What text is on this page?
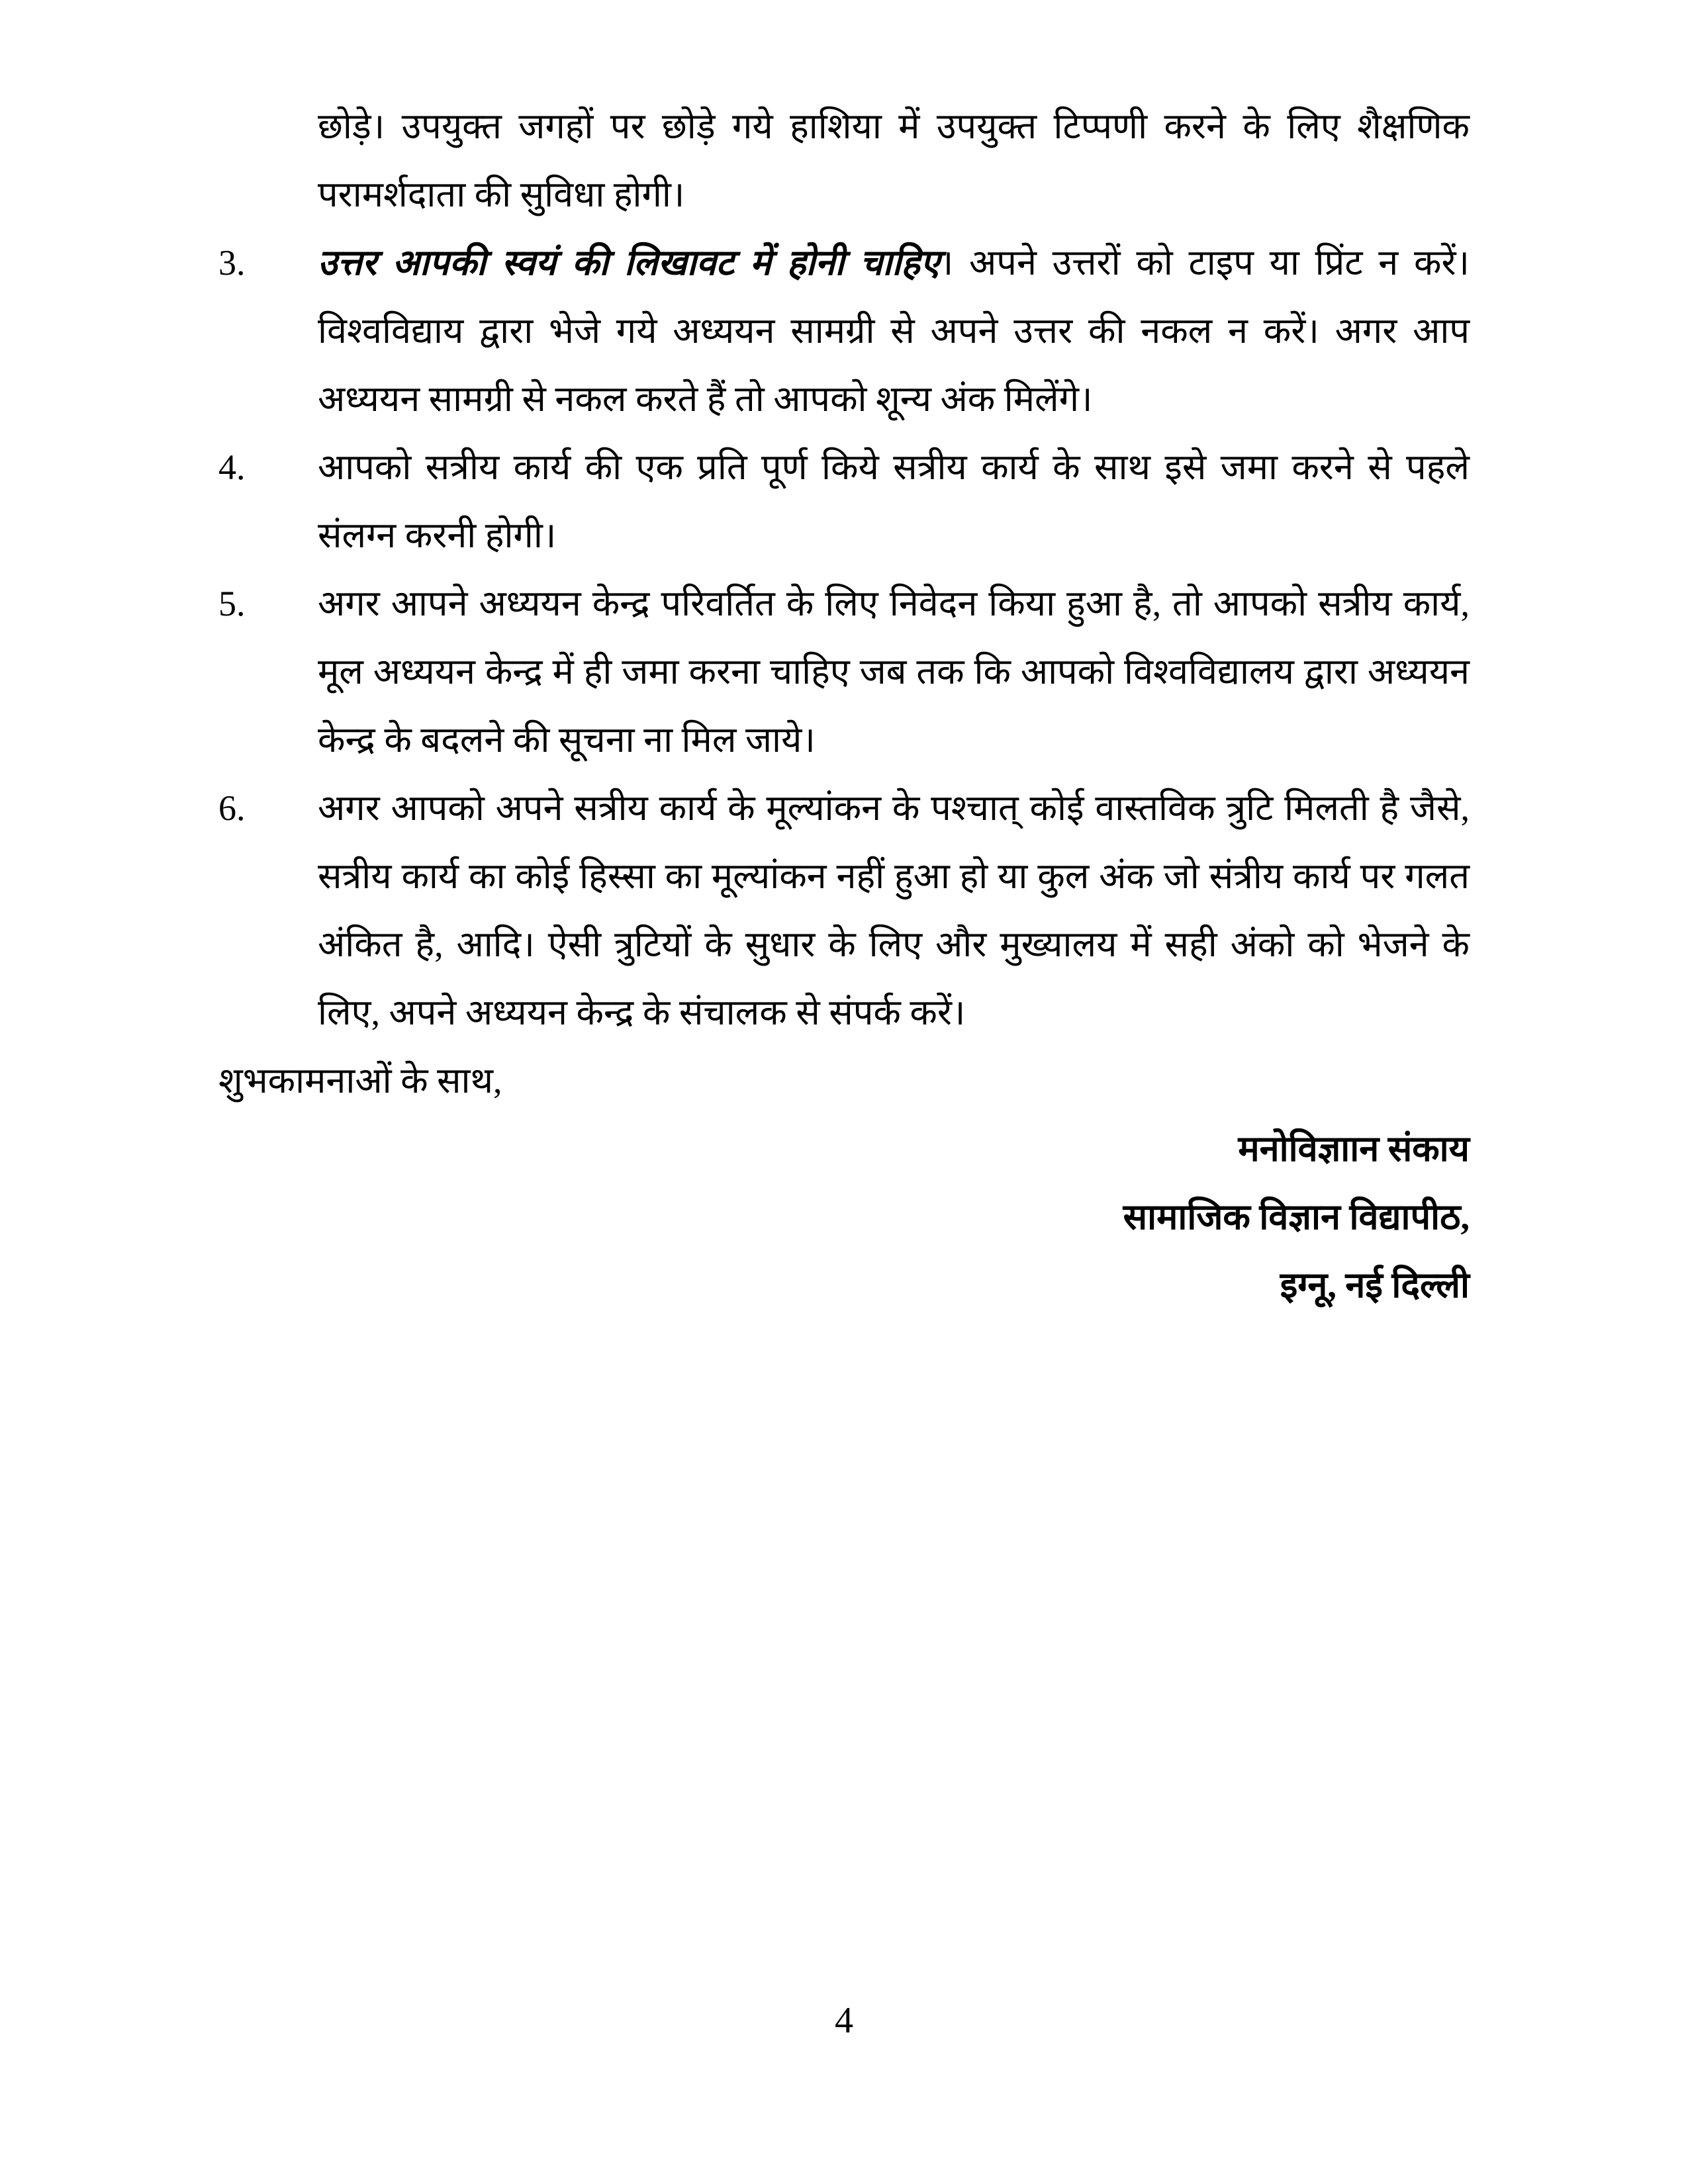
छोड़े। उपयुक्त जगहों पर छोड़े गये हाशिया में उपयुक्त टिप्पणी करने के लिए शैक्षणिक परामर्शदाता की सुविधा होगी।
3.	उत्तर आपकी स्वयं की लिखावट में होनी चाहिए। अपने उत्तरों को टाइप या प्रिंट न करें। विश्वविद्याय द्वारा भेजे गये अध्ययन सामग्री से अपने उत्तर की नकल न करें। अगर आप अध्ययन सामग्री से नकल करते हैं तो आपको शून्य अंक मिलेंगे।
4.	आपको सत्रीय कार्य की एक प्रति पूर्ण किये सत्रीय कार्य के साथ इसे जमा करने से पहले संलग्न करनी होगी।
5.	अगर आपने अध्ययन केन्द्र परिवर्तित के लिए निवेदन किया हुआ है, तो आपको सत्रीय कार्य, मूल अध्ययन केन्द्र में ही जमा करना चाहिए जब तक कि आपको विश्वविद्यालय द्वारा अध्ययन केन्द्र के बदलने की सूचना ना मिल जाये।
6.	अगर आपको अपने सत्रीय कार्य के मूल्यांकन के पश्चात् कोई वास्तविक त्रुटि मिलती है जैसे, सत्रीय कार्य का कोई हिस्सा का मूल्यांकन नहीं हुआ हो या कुल अंक जो संत्रीय कार्य पर गलत अंकित है, आदि। ऐसी त्रुटियों के सुधार के लिए और मुख्यालय में सही अंको को भेजने के लिए, अपने अध्ययन केन्द्र के संचालक से संपर्क करें।
शुभकामनाओं के साथ,
मनोविज्ञाान संकाय
सामाजिक विज्ञान विद्यापीठ,
इग्नू, नई दिल्ली
4
